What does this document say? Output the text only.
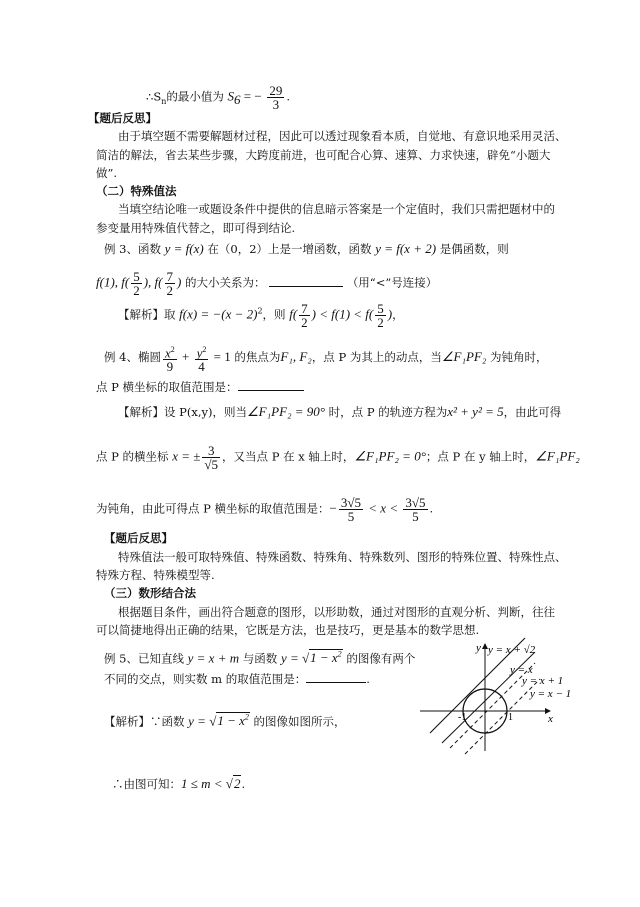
$\therefore S_n$的最小值为 $S_6$ = − $\frac{29}{3}$ .
【题后反思】
由于填空题不需要解题材过程，因此可以透过现象看本质，自觉地、有意识地采用灵活、
简洁的解法，省去某些步骤，大跨度前进，也可配合心算、速算、力求快速，辟免“小题大
做”.
（二）特殊值法
当填空结论唯一或题设条件中提供的信息暗示答案是一个定值时，我们只需把题材中的
参变量用特殊值代替之，即可得到结论.
例 3、函数 y = f(x) 在（0，2）上是一增函数，函数 y = f(x + 2) 是偶函数，则
f(1), $f( \frac{5}{2}$ ), $f( \frac{7}{2}$ ) 的大小关系为：	（用“<”号连接）
【解析】取 $f(x) = -(x - 2)^2$，则 $f( \frac{7}{2}$ ) < $f(1) < f( \frac{5}{2}$ )，
例 4、椭圆 $\frac{x^2}{9} + \frac{y^2}{4} = 1$ 的焦点为F₁, F₂，点 P 为其上的动点，当∠F₁PF₂ 为钝角时，
点 P 横坐标的取值范围是：
【解析】设 P(x,y)，则当∠F₁PF₂ = 90° 时，点 P 的轨迹方程为x² + y² = 5，由此可得
点 P 的横坐标 x = ± $\frac{3}{√5}$ ，又当点 P 在 x 轴上时，∠F₁PF₂ = 0°；点 P 在 y 轴上时，∠F₁PF₂
为钝角，由此可得点 P 横坐标的取值范围是：− $\frac{3√5}{5} < x < \frac{3√5}{5}$ .
【题后反思】
特殊值法一般可取特殊值、特殊函数、特殊角、特殊数列、图形的特殊位置、特殊性点、
特殊方程、特殊模型等.
（三）数形结合法
根据题目条件，画出符合题意的图形，以形助数，通过对图形的直观分析、判断，往往
可以简捷地得出正确的结果，它既是方法，也是技巧，更是基本的数学思想.
例 5、已知直线 y = x + m 与函数 $y = √1 - x^2$ 的图像有两个
不同的交点，则实数 m 的取值范围是：	.
【解析】∵函数 $y = √1 - x^2$ 的图像如图所示，
∴由图可知：1 ≤ m < √2.
y
x
-1	1
y = x + √2
y = x
y = x + 1
y = x − 1
